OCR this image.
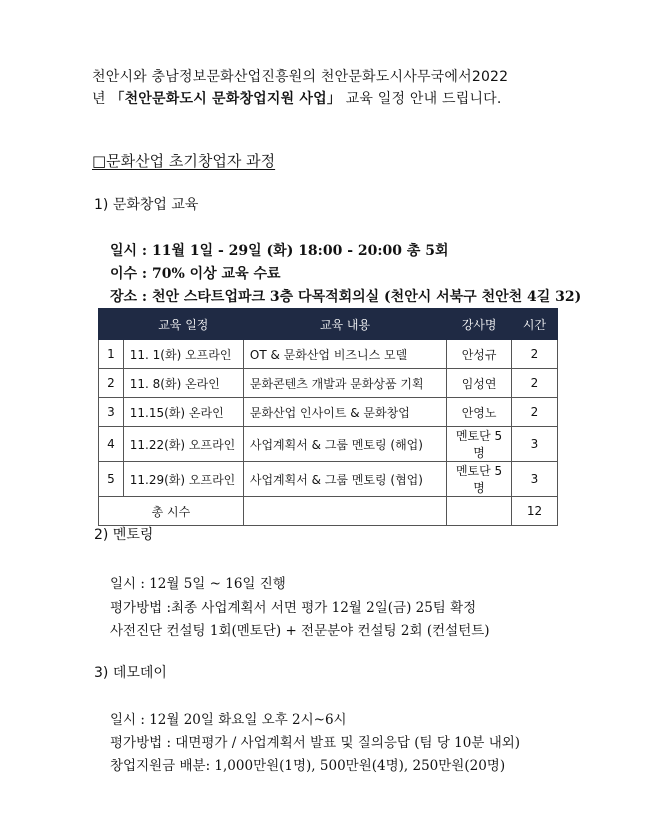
천안시와 충남정보문화산업진흥원의 천안문화도시사무국에서2022
년 「천안문화도시 문화창업지원 사업」 교육 일정 안내 드립니다.
□문화산업 초기창업자 과정
1) 문화창업 교육
일시 : 11월 1일 - 29일 (화) 18:00 - 20:00 총 5회
이수 : 70% 이상 교육 수료
장소 : 천안 스타트업파크 3층 다목적회의실 (천안시 서북구 천안천 4길 32)
	교육 일정	교육 내용	강사명	시간
1	11. 1(화) 오프라인	OT & 문화산업 비즈니스 모델	안성규	2
2	11. 8(화) 온라인	문화콘텐츠 개발과 문화상품 기획	임성연	2
3	11.15(화) 온라인	문화산업 인사이트 & 문화창업	안영노	2
4	11.22(화) 오프라인	사업계획서 & 그룹 멘토링 (해업)	멘토단 5명	3
5	11.29(화) 오프라인	사업계획서 & 그룹 멘토링 (협업)	멘토단 5명	3
총 시수				12
2) 멘토링
일시 : 12월 5일 ~ 16일 진행
평가방법 :최종 사업계획서 서면 평가 12월 2일(금) 25팀 확정
사전진단 컨설팅 1회(멘토단) + 전문분야 컨설팅 2회 (컨설턴트)
3) 데모데이
일시 : 12월 20일 화요일 오후 2시~6시
평가방법 : 대면평가 / 사업계획서 발표 및 질의응답 (팀 당 10분 내외)
창업지원금 배분: 1,000만원(1명), 500만원(4명), 250만원(20명)
